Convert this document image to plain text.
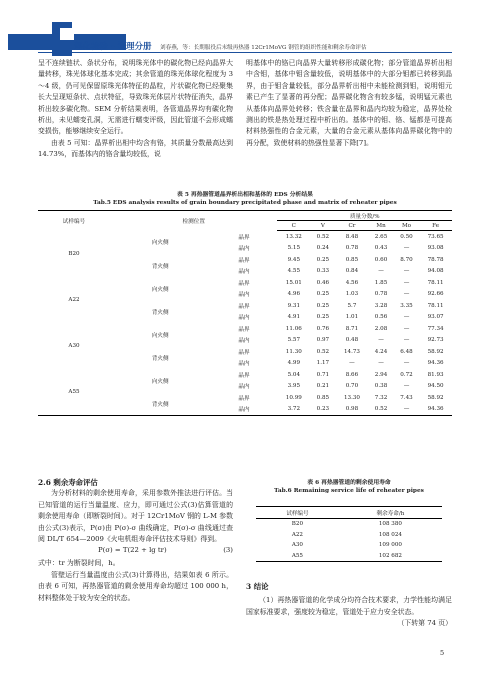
理化检验 - 物理分册 刘春燕，等：长期服役后末级再热器 12Cr1MoVG 钢管的组织性能和剩余寿命评估

呈不连续链状、条状分布，说明珠光体中的碳化物已经向晶界大量转移，珠光体球化基本完成；其余管道的珠光体球化程度为 3～4 级，仍可见保留原珠光体特征的晶粒，片状碳化物已经聚集长大呈现短条状、点状特征，导致珠光体层片状特征消失，晶界析出较多碳化物。SEM 分析结果表明，各管道晶界均有碳化物析出，未见蠕变孔洞，无需进行蠕变评级，因此管道不会形成蠕变损伤，能够继续安全运行。

由表 5 可知：晶界析出相中均含有铬，其质量分数最高达到 14.73%，而基体内的铬含量均较低，说

明基体中的铬已向晶界大量转移形成碳化物；部分管道晶界析出相中含钼，基体中钼含量较低，说明基体中的大部分钼都已转移到晶界，由于钼含量较低，部分晶界析出相中未能检测到钼，说明钼元素已产生了显著的再分配；晶界碳化物含有较多锰，说明锰元素也从基体向晶界处转移；铁含量在晶界和晶内均较为稳定，晶界处检测出的铁是热处理过程中析出的。基体中的钼、铬、锰都是可提高材料热强性的合金元素，大量的合金元素从基体向晶界碳化物中的再分配，致使材料的热强性显著下降[7]。

表 5 再热器管道晶界析出相和基体的 EDS 分析结果
Tab.5 EDS analysis results of grain boundary precipitated phase and matrix of reheater pipes
试样编号	检测位置		质量分数/%					
			C	V	Cr	Mn	Mo	Fe
B20	向火侧	晶界	13.32	0.52	8.48	2.65	0.50	73.65
		晶内	5.15	0.24	0.78	0.43	—	93.08
	背火侧	晶界	9.45	0.25	0.85	0.60	8.70	78.78
		晶内	4.55	0.33	0.84	—	—	94.08
A22	向火侧	晶界	15.01	0.46	4.56	1.85	—	78.11
		晶内	4.96	0.25	1.03	0.78	—	92.66
	背火侧	晶界	9.31	0.25	5.7	3.28	3.35	78.11
		晶内	4.91	0.25	1.01	0.56	—	93.07
A30	向火侧	晶界	11.06	0.76	8.71	2.08	—	77.34
		晶内	5.57	0.97	0.48	—	—	92.73
	背火侧	晶界	11.30	0.52	14.73	4.24	6.48	58.92
		晶内	4.99	1.17	—	—	—	94.36
A55	向火侧	晶界	5.04	0.71	8.66	2.94	0.72	81.93
		晶内	3.95	0.21	0.70	0.38	—	94.50
	背火侧	晶界	10.99	0.85	13.30	7.32	7.43	58.92
		晶内	3.72	0.23	0.98	0.52	—	94.36
2.6 剩余寿命评估

为分析材料的剩余使用寿命，采用参数外推法进行评估。当已知管道的运行当量温度、应力，即可通过公式(3)估算管道的剩余使用寿命（即断裂时间）。对于 12Cr1MoV 钢的 L-M 参数由公式(3)表示，P(σ)由 P(σ)-σ 曲线确定，P(σ)-σ 曲线通过查阅 DL/T 654—2009《火电机组寿命评估技术导则》得到。

P(σ) = T(22 + lg tr)	(3)

式中：tr 为断裂时间，h。

管壁运行当量温度由公式(3)计算得出，结果如表 6 所示。由表 6 可知，再热器管道的剩余使用寿命均超过 100 000 h，材料整体处于较为安全的状态。

表 6 再热器管道的剩余使用寿命
Tab.6 Remaining service life of reheater pipes
试样编号	剩余寿命/h
B20	108 380
A22	108 024
A30	109 000
A55	102 682
3 结论

（1）再热器管道的化学成分均符合技术要求，力学性能均满足国家标准要求，强度较为稳定，管道处于应力安全状态。

（下转第 74 页）
5
